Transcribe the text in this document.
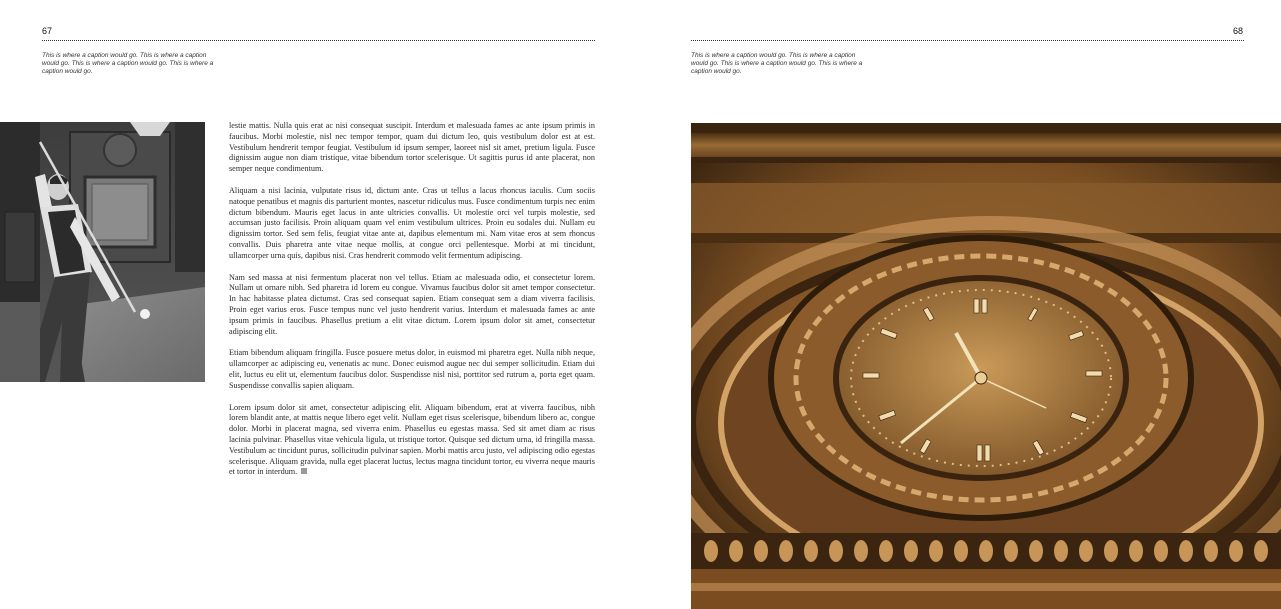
67
This is where a caption would go. This is where a caption would go. This is where a caption would go. This is where a caption would go.

lestie mattis. Nulla quis erat ac nisi consequat suscipit. Interdum et malesuada fames ac ante ipsum primis in faucibus. Morbi molestie, nisl nec tempor tempor, quam dui dictum leo, quis vestibulum dolor est at est. Vestibulum hendrerit tempor feugiat. Vestibulum id ipsum semper, laoreet nisl sit amet, pretium ligula. Fusce dignissim augue non diam tristique, vitae bibendum tortor scelerisque. Ut sagittis purus id ante placerat, non semper neque condimentum.

Aliquam a nisi lacinia, vulputate risus id, dictum ante. Cras ut tellus a lacus rhoncus iaculis. Cum sociis natoque penatibus et magnis dis parturient montes, nascetur ridiculus mus. Fusce condimentum turpis nec enim dictum bibendum. Mauris eget lacus in ante ultricies convallis. Ut molestie orci vel turpis molestie, sed accumsan justo facilisis. Proin aliquam quam vel enim vestibulum ultrices. Proin eu sodales dui. Nullam eu dignissim tortor. Sed sem felis, feugiat vitae ante at, dapibus elementum mi. Nam vitae eros at sem rhoncus convallis. Duis pharetra ante vitae neque mollis, at congue orci pellentesque. Morbi at mi tincidunt, ullamcorper urna quis, dapibus nisi. Cras hendrerit commodo velit fermentum adipiscing.

Nam sed massa at nisi fermentum placerat non vel tellus. Etiam ac malesuada odio, et consectetur lorem. Nullam ut ornare nibh. Sed pharetra id lorem eu congue. Vivamus faucibus dolor sit amet tempor consectetur. In hac habitasse platea dictumst. Cras sed consequat sapien. Etiam consequat sem a diam viverra facilisis. Proin eget varius eros. Fusce tempus nunc vel justo hendrerit varius. Interdum et malesuada fames ac ante ipsum primis in faucibus. Phasellus pretium a elit vitae dictum. Lorem ipsum dolor sit amet, consectetur adipiscing elit.

Etiam bibendum aliquam fringilla. Fusce posuere metus dolor, in euismod mi pharetra eget. Nulla nibh neque, ullamcorper ac adipiscing eu, venenatis ac nunc. Donec euismod augue nec dui semper sollicitudin. Etiam dui elit, luctus eu elit ut, elementum faucibus dolor. Suspendisse nisl nisi, porttitor sed rutrum a, porta eget quam. Suspendisse convallis sapien aliquam.

Lorem ipsum dolor sit amet, consectetur adipiscing elit. Aliquam bibendum, erat at viverra faucibus, nibh lorem blandit ante, at mattis neque libero eget velit. Nullam eget risus scelerisque, bibendum libero ac, congue dolor. Morbi in placerat magna, sed viverra enim. Phasellus eu egestas massa. Sed sit amet diam ac risus lacinia pulvinar. Phasellus vitae vehicula ligula, ut tristique tortor. Quisque sed dictum urna, id fringilla massa. Vestibulum ac tincidunt purus, sollicitudin pulvinar sapien. Morbi mattis arcu justo, vel adipiscing odio egestas scelerisque. Aliquam gravida, nulla eget placerat luctus, lectus magna tincidunt tortor, eu viverra neque mauris et tortor in interdum.

68
This is where a caption would go. This is where a caption would go. This is where a caption would go. This is where a caption would go.
